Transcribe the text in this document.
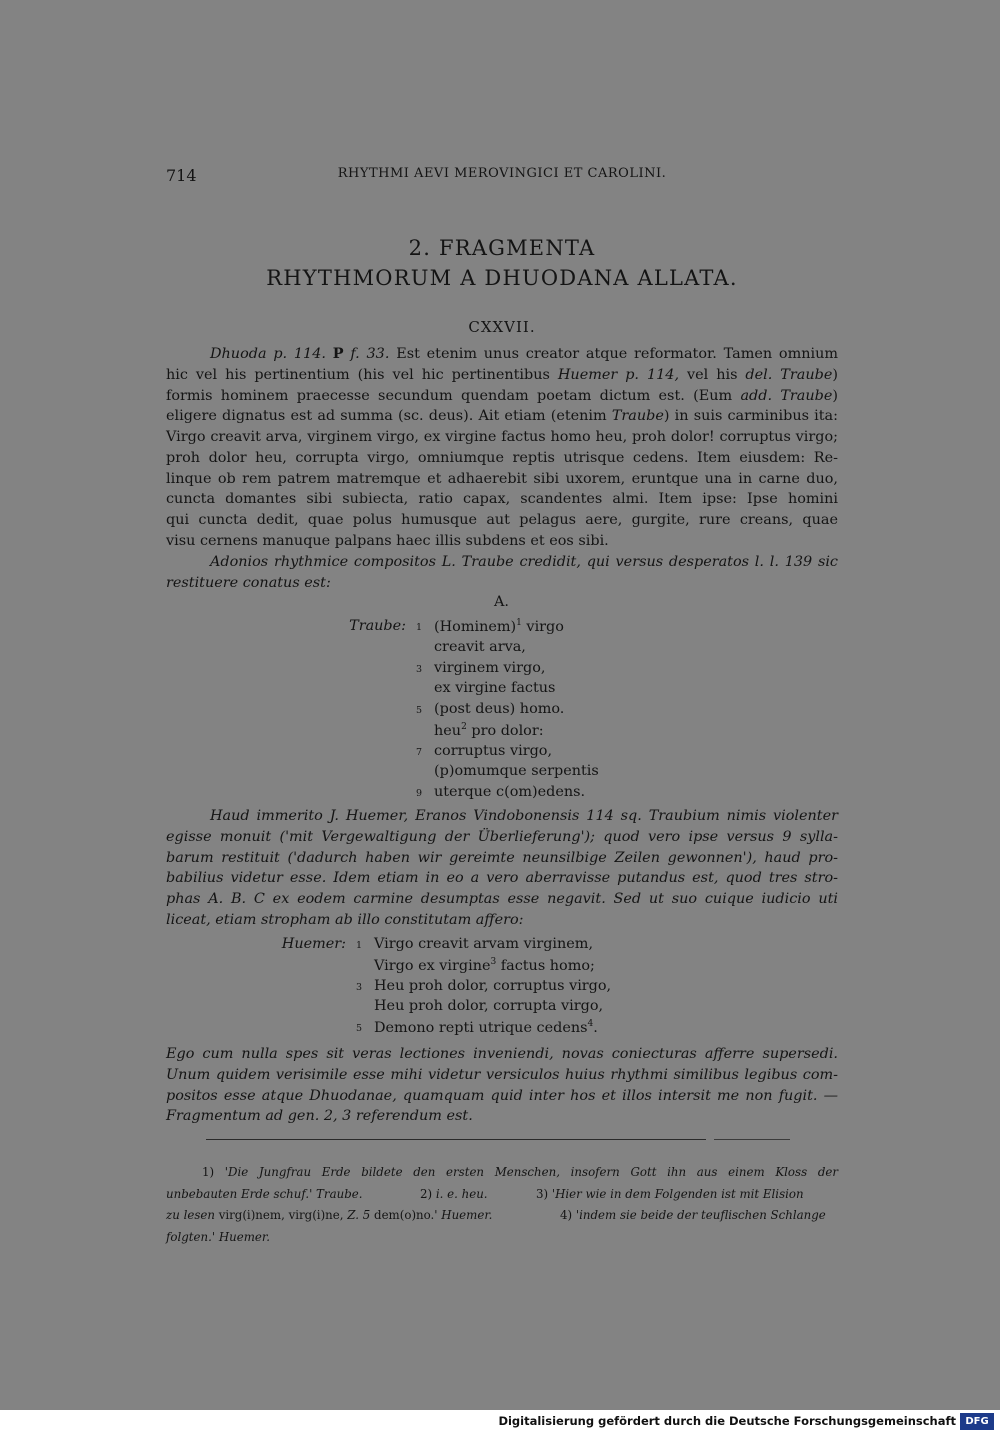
714	RHYTHMI AEVI MEROVINGICI ET CAROLINI.
2. FRAGMENTA
RHYTHMORUM A DHUODANA ALLATA.
CXXVII.
Dhuoda p. 114. P f. 33. Est etenim unus creator atque reformator. Tamen omnium
hic vel his pertinentium (his vel hic pertinentibus Huemer p. 114, vel his del. Traube)
formis hominem praecesse secundum quendam poetam dictum est. (Eum add. Traube)
eligere dignatus est ad summa (sc. deus). Ait etiam (etenim Traube) in suis carminibus ita:
Virgo creavit arva, virginem virgo, ex virgine factus homo heu, proh dolor! corruptus virgo;
proh dolor heu, corrupta virgo, omniumque reptis utrisque cedens. Item eiusdem: Re-
linque ob rem patrem matremque et adhaerebit sibi uxorem, eruntque una in carne duo,
cuncta domantes sibi subiecta, ratio capax, scandentes almi. Item ipse: Ipse homini
qui cuncta dedit, quae polus humusque aut pelagus aere, gurgite, rure creans, quae
visu cernens manuque palpans haec illis subdens et eos sibi.
Adonios rhythmice compositos L. Traube credidit, qui versus desperatos l. l. 139 sic
restituere conatus est:
A.
Traube: 1 (Hominem)$^1$ virgo
creavit arva,
3 virginem virgo,
ex virgine factus
5 (post deus) homo.
heu$^2$ pro dolor:
7 corruptus virgo,
(p)omumque serpentis
9 uterque c(om)edens.
Haud immerito J. Huemer, Eranos Vindobonensis 114 sq. Traubium nimis violenter
egisse monuit ('mit Vergewaltigung der Überlieferung'); quod vero ipse versus 9 sylla-
barum restituit ('dadurch haben wir gereimte neunsilbige Zeilen gewonnen'), haud pro-
babilius videtur esse. Idem etiam in eo a vero aberravisse putandus est, quod tres stro-
phas A. B. C ex eodem carmine desumptas esse negavit. Sed ut suo cuique iudicio uti
liceat, etiam stropham ab illo constitutam affero:
Huemer: 1 Virgo creavit arvam virginem,
Virgo ex virgine$^3$ factus homo;
3 Heu proh dolor, corruptus virgo,
Heu proh dolor, corrupta virgo,
5 Demono repti utrique cedens$^4$.
Ego cum nulla spes sit veras lectiones inveniendi, novas coniecturas afferre supersedi.
Unum quidem verisimile esse mihi videtur versiculos huius rhythmi similibus legibus com-
positos esse atque Dhuodanae, quamquam quid inter hos et illos intersit me non fugit. —
Fragmentum ad gen. 2, 3 referendum est.
1) 'Die Jungfrau Erde bildete den ersten Menschen, insofern Gott ihn aus einem Kloss der
unbebauten Erde schuf.' Traube.	2) i. e. heu.	3) 'Hier wie in dem Folgenden ist mit Elision
zu lesen virg(i)nem, virg(i)ne, Z. 5 dem(o)no.' Huemer.	4) 'indem sie beide der teuflischen Schlange
folgten.' Huemer.
Digitalisierung gefördert durch die Deutsche Forschungsgemeinschaft DFG
